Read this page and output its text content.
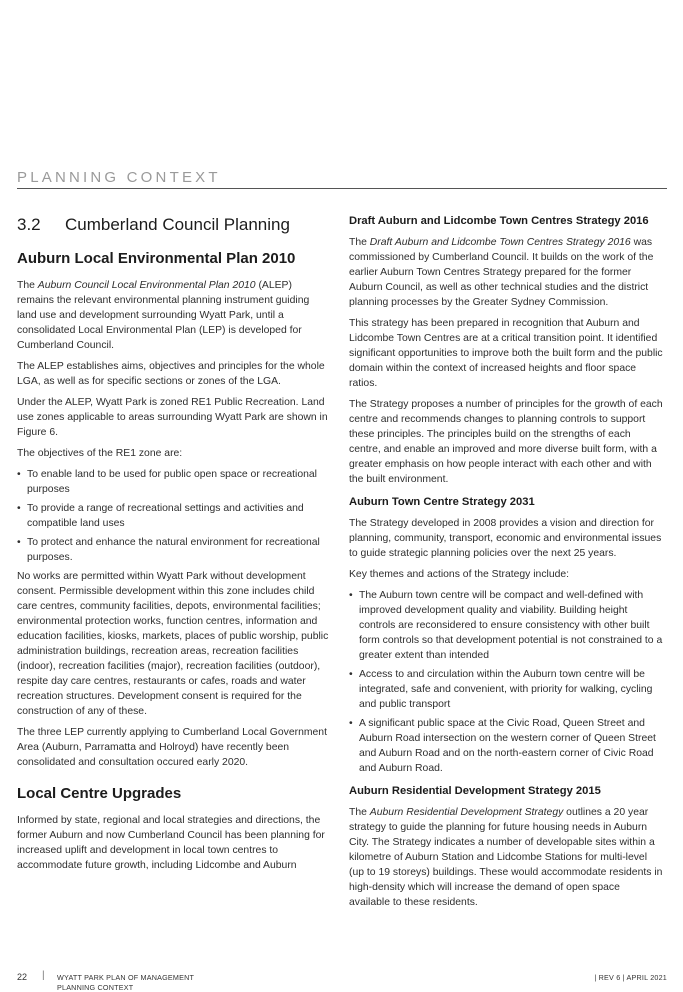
PLANNING CONTEXT
3.2 Cumberland Council Planning
Auburn Local Environmental Plan 2010

The Auburn Council Local Environmental Plan 2010 (ALEP) remains the relevant environmental planning instrument guiding land use and development surrounding Wyatt Park, until a consolidated Local Environmental Plan (LEP) is developed for Cumberland Council.

The ALEP establishes aims, objectives and principles for the whole LGA, as well as for specific sections or zones of the LGA.

Under the ALEP, Wyatt Park is zoned RE1 Public Recreation. Land use zones applicable to areas surrounding Wyatt Park are shown in Figure 6.

The objectives of the RE1 zone are:

• To enable land to be used for public open space or recreational purposes
• To provide a range of recreational settings and activities and compatible land uses
• To protect and enhance the natural environment for recreational purposes.

No works are permitted within Wyatt Park without development consent. Permissible development within this zone includes child care centres, community facilities, depots, environmental facilities; environmental protection works, function centres, information and education facilities, kiosks, markets, places of public worship, public administration buildings, recreation areas, recreation facilities (indoor), recreation facilities (major), recreation facilities (outdoor), respite day care centres, restaurants or cafes, roads and water recreation structures. Development consent is required for the construction of any of these.

The three LEP currently applying to Cumberland Local Government Area (Auburn, Parramatta and Holroyd) have recently been consolidated and consultation occured early 2020.

Local Centre Upgrades

Informed by state, regional and local strategies and directions, the former Auburn and now Cumberland Council has been planning for increased uplift and development in local town centres to accommodate future growth, including Lidcombe and Auburn

Draft Auburn and Lidcombe Town Centres Strategy 2016

The Draft Auburn and Lidcombe Town Centres Strategy 2016 was commissioned by Cumberland Council. It builds on the work of the earlier Auburn Town Centres Strategy prepared for the former Auburn Council, as well as other technical studies and the district planning processes by the Greater Sydney Commission.

This strategy has been prepared in recognition that Auburn and Lidcombe Town Centres are at a critical transition point. It identified significant opportunities to improve both the built form and the public domain within the context of increased heights and floor space ratios.

The Strategy proposes a number of principles for the growth of each centre and recommends changes to planning controls to support these principles. The principles build on the strengths of each centre, and enable an improved and more diverse built form, with a greater emphasis on how people interact with each other and with the built environment.

Auburn Town Centre Strategy 2031

The Strategy developed in 2008 provides a vision and direction for planning, community, transport, economic and environmental issues to guide strategic planning policies over the next 25 years.

Key themes and actions of the Strategy include:

• The Auburn town centre will be compact and well-defined with improved development quality and viability. Building height controls are reconsidered to ensure consistency with other built form controls so that development potential is not constrained to a greater extent than intended
• Access to and circulation within the Auburn town centre will be integrated, safe and convenient, with priority for walking, cycling and public transport
• A significant public space at the Civic Road, Queen Street and Auburn Road intersection on the western corner of Queen Street and Auburn Road and on the north-eastern corner of Civic Road and Auburn Road.
Auburn Residential Development Strategy 2015

The Auburn Residential Development Strategy outlines a 20 year strategy to guide the planning for future housing needs in Auburn City. The Strategy indicates a number of developable sites within a kilometre of Auburn Station and Lidcombe Stations for multi-level (up to 19 storeys) buildings. These would accommodate residents in high-density which will increase the demand of open space available to these residents.

22 | WYATT PARK PLAN OF MANAGEMENT
PLANNING CONTEXT
| REV 6 | APRIL 2021
